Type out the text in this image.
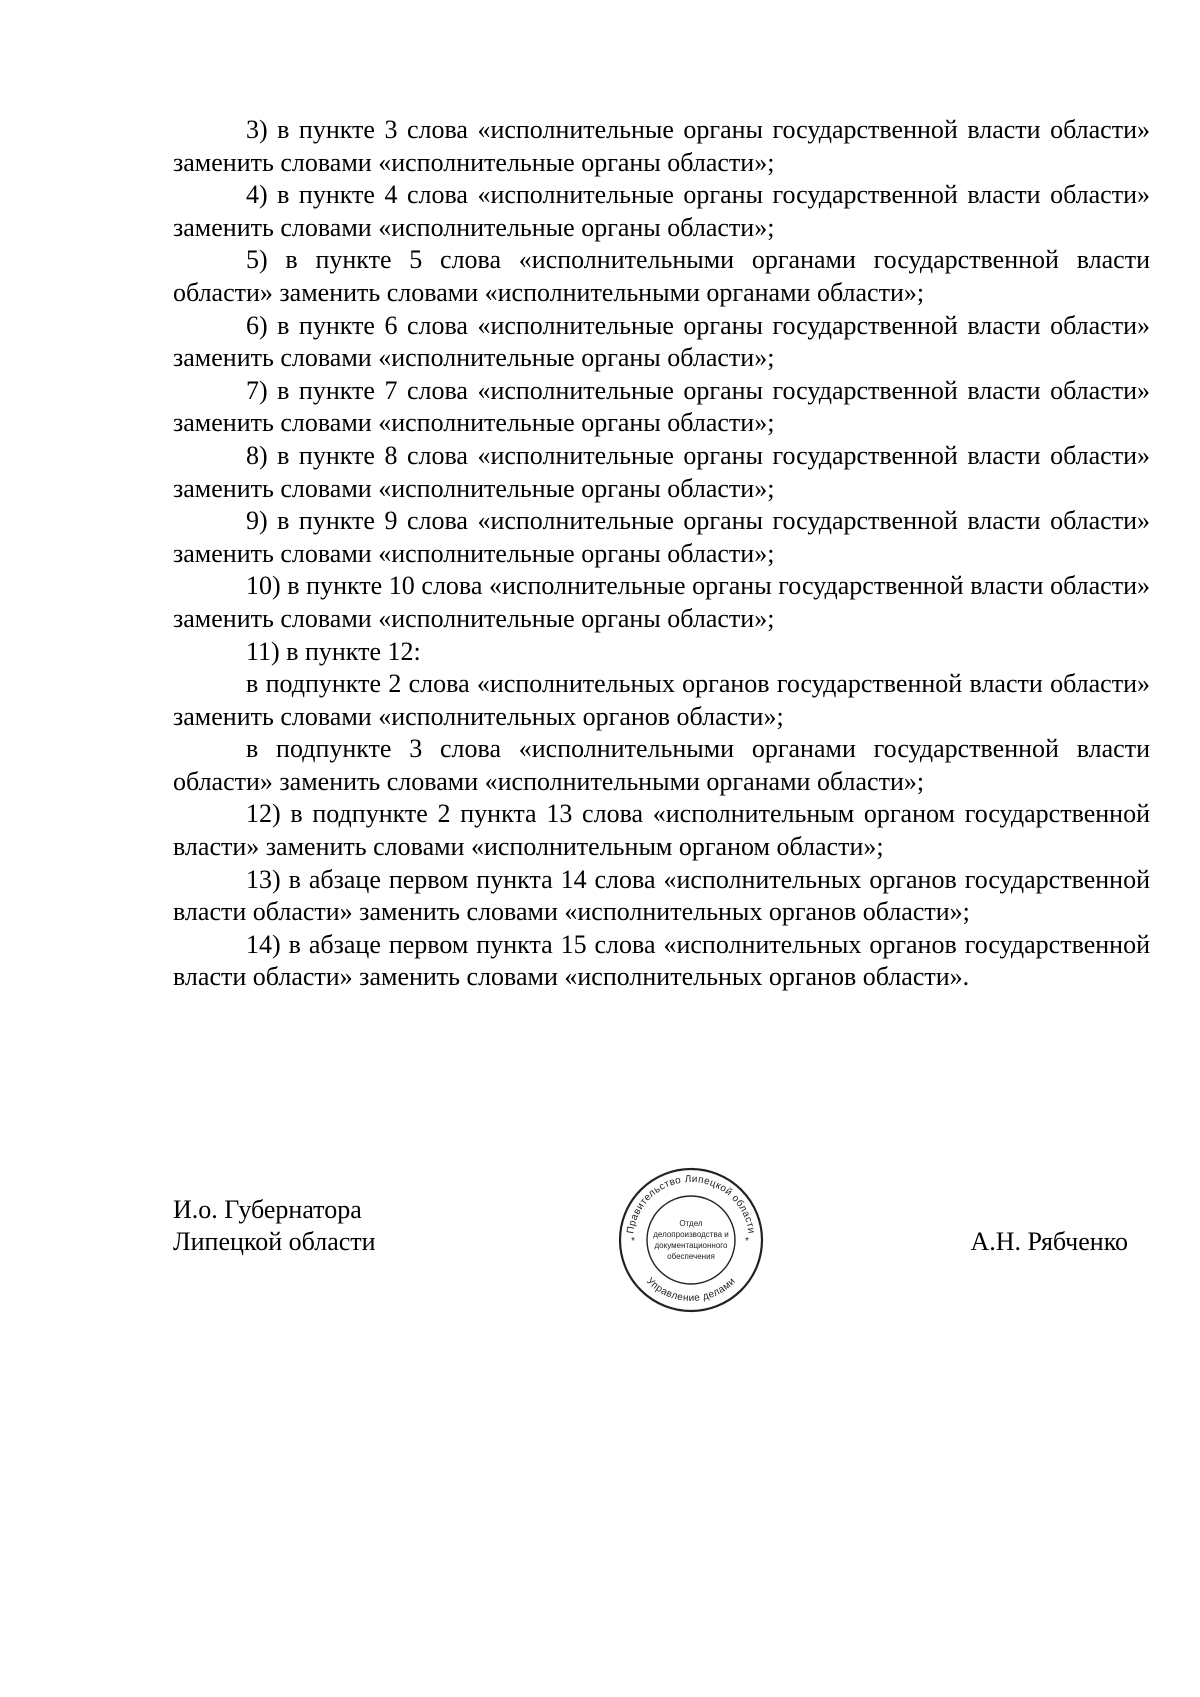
3) в пункте 3 слова «исполнительные органы государственной власти области» заменить словами «исполнительные органы области»;

4) в пункте 4 слова «исполнительные органы государственной власти области» заменить словами «исполнительные органы области»;

5) в пункте 5 слова «исполнительными органами государственной власти области» заменить словами «исполнительными органами области»;

6) в пункте 6 слова «исполнительные органы государственной власти области» заменить словами «исполнительные органы области»;

7) в пункте 7 слова «исполнительные органы государственной власти области» заменить словами «исполнительные органы области»;

8) в пункте 8 слова «исполнительные органы государственной власти области» заменить словами «исполнительные органы области»;

9) в пункте 9 слова «исполнительные органы государственной власти области» заменить словами «исполнительные органы области»;

10) в пункте 10 слова «исполнительные органы государственной власти области» заменить словами «исполнительные органы области»;

11) в пункте 12:

в подпункте 2 слова «исполнительных органов государственной власти области» заменить словами «исполнительных органов области»;

в подпункте 3 слова «исполнительными органами государственной власти области» заменить словами «исполнительными органами области»;

12) в подпункте 2 пункта 13 слова «исполнительным органом государственной власти» заменить словами «исполнительным органом области»;

13) в абзаце первом пункта 14 слова «исполнительных органов государственной власти области» заменить словами «исполнительных органов области»;

14) в абзаце первом пункта 15 слова «исполнительных органов государственной власти области» заменить словами «исполнительных органов области».

И.о. Губернатора
Липецкой области	А.Н. Рябченко
Правительство Липецкой области
Управление делами
*	*
Отдел
делопроизводства и
документационного
обеспечения
